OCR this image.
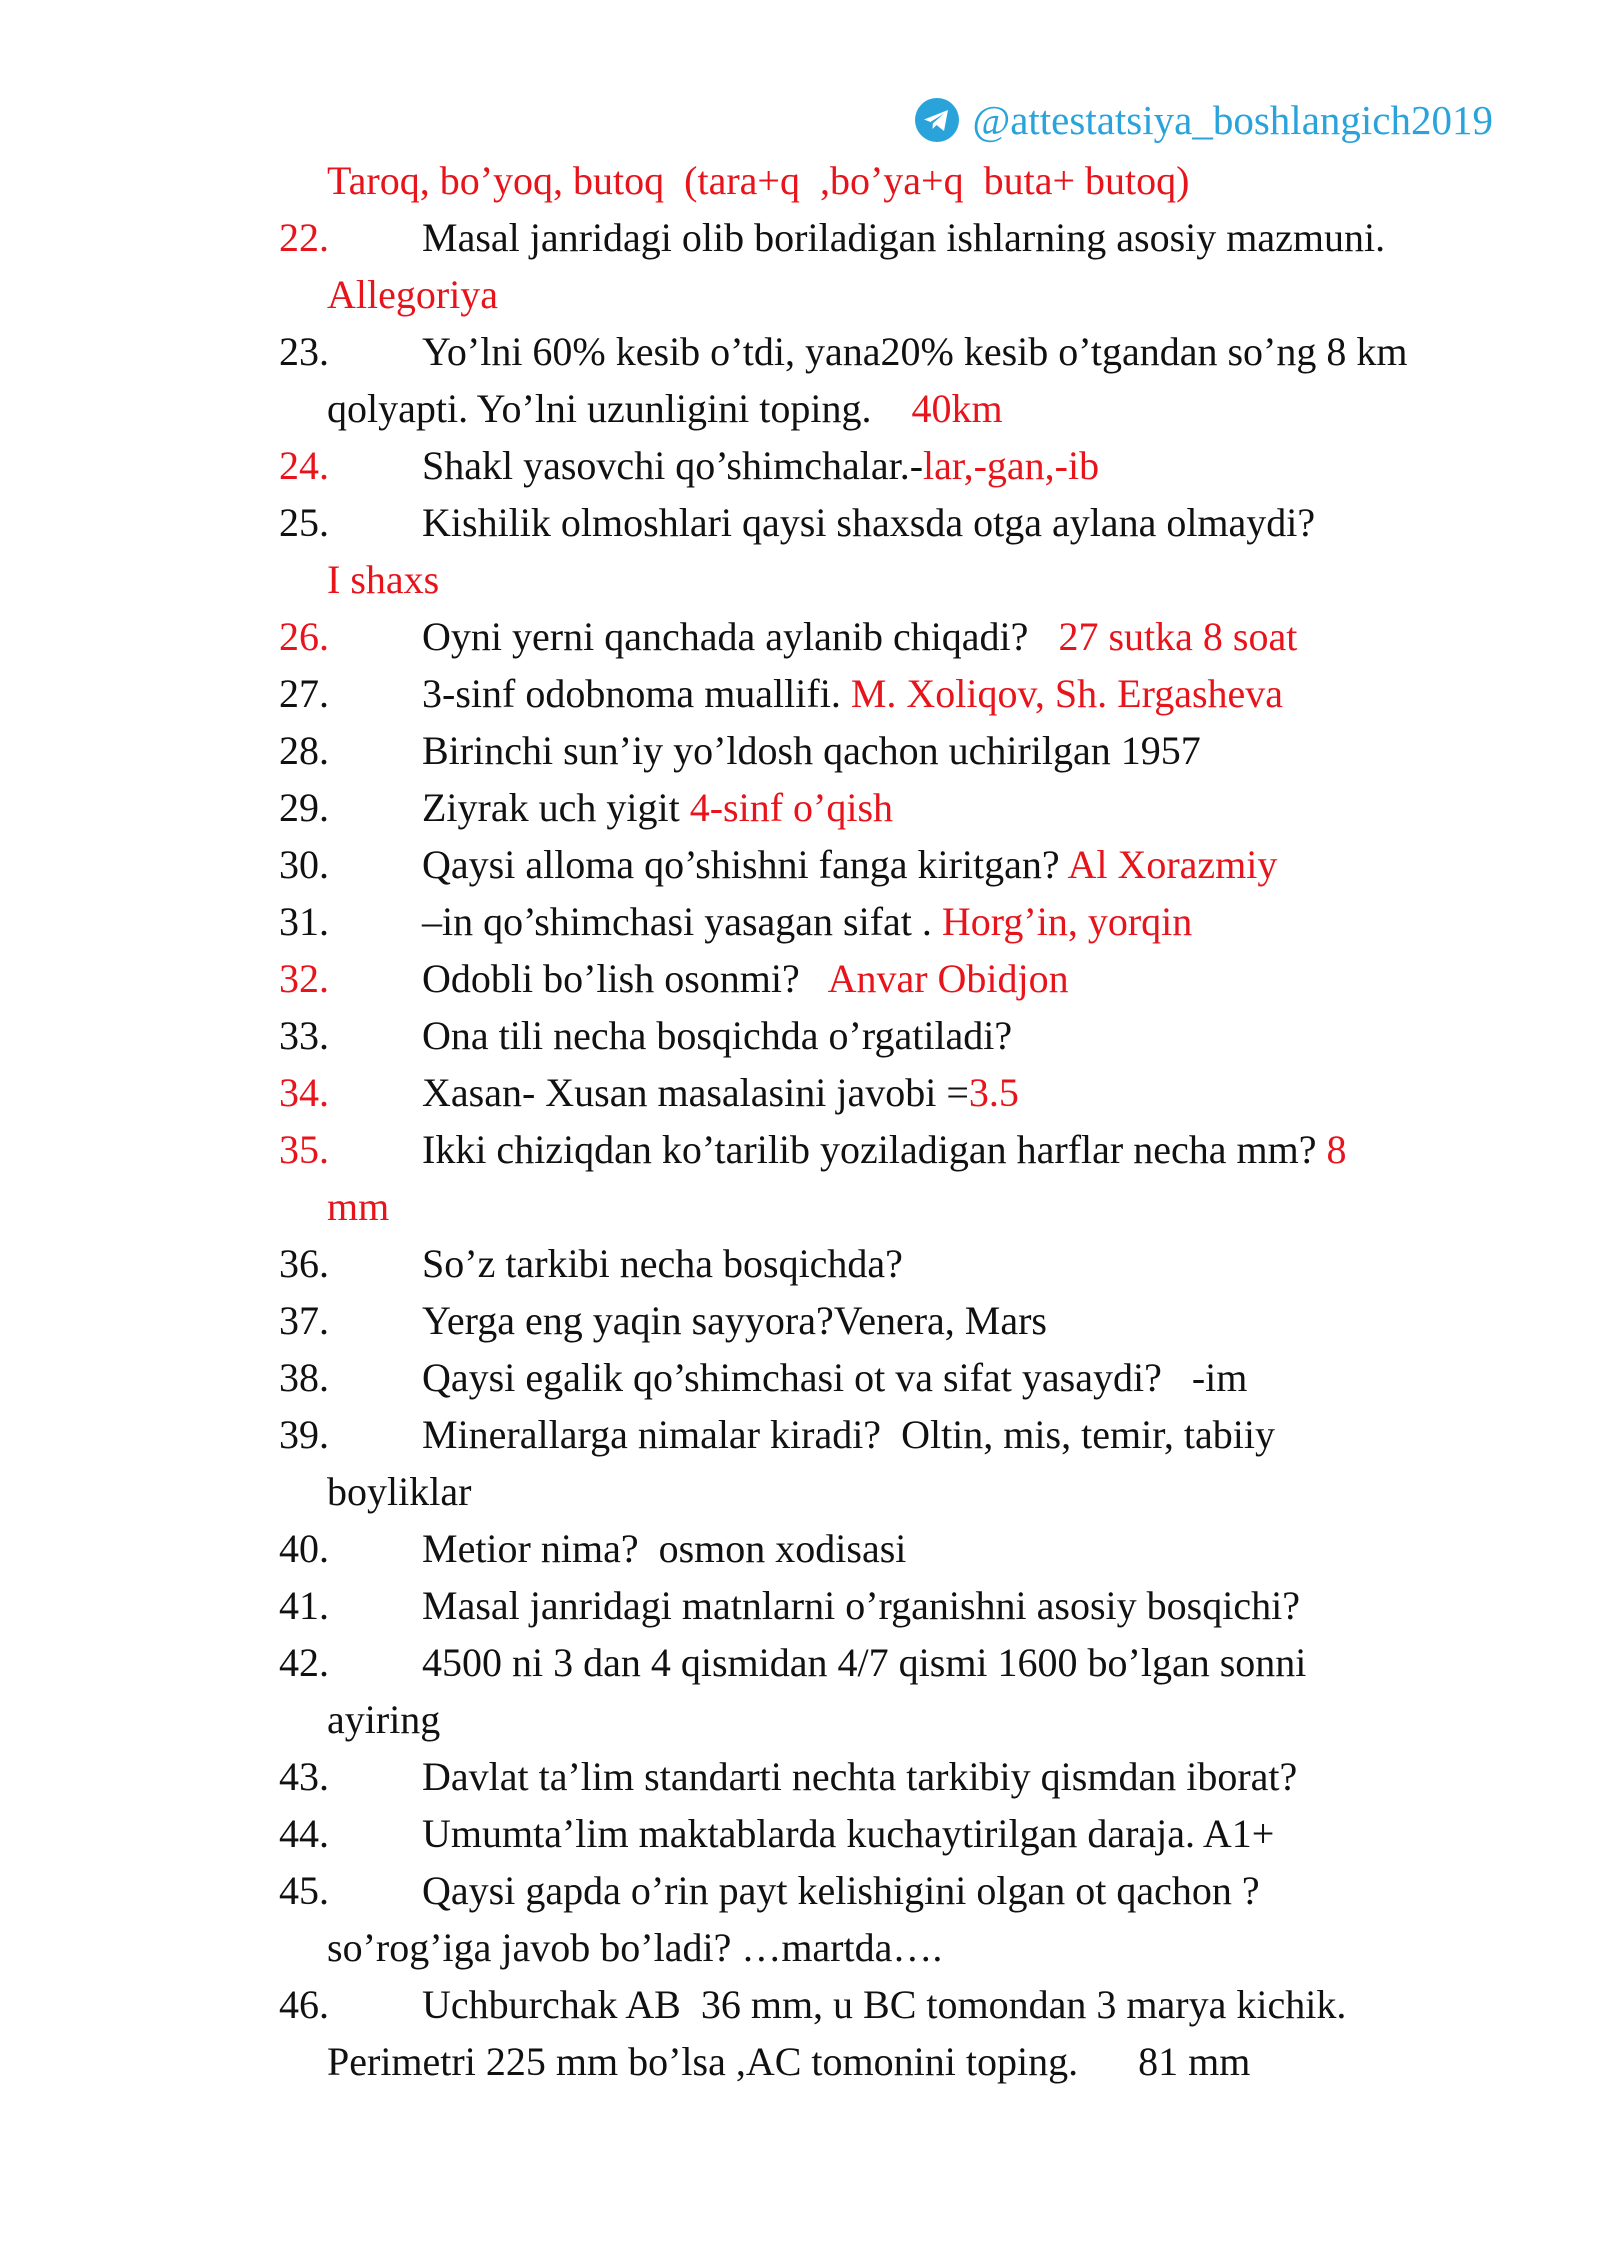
@attestatsiya_boshlangich2019
Taroq, bo’yoq, butoq  (tara+q  ,bo’ya+q  buta+ butoq)
22. Masal janridagi olib boriladigan ishlarning asosiy mazmuni.
Allegoriya
23. Yo’lni 60% kesib o’tdi, yana20% kesib o’tgandan so’ng 8 km
qolyapti. Yo’lni uzunligini toping.    40km
24. Shakl yasovchi qo’shimchalar.-lar,-gan,-ib
25. Kishilik olmoshlari qaysi shaxsda otga aylana olmaydi?
I shaxs
26. Oyni yerni qanchada aylanib chiqadi?   27 sutka 8 soat
27. 3-sinf odobnoma muallifi. M. Xoliqov, Sh. Ergasheva
28. Birinchi sun’iy yo’ldosh qachon uchirilgan 1957
29. Ziyrak uch yigit 4-sinf o’qish
30. Qaysi alloma qo’shishni fanga kiritgan? Al Xorazmiy
31. –in qo’shimchasi yasagan sifat . Horg’in, yorqin
32. Odobli bo’lish osonmi?   Anvar Obidjon
33. Ona tili necha bosqichda o’rgatiladi?
34. Xasan- Xusan masalasini javobi =3.5
35. Ikki chiziqdan ko’tarilib yoziladigan harflar necha mm? 8
mm
36. So’z tarkibi necha bosqichda?
37. Yerga eng yaqin sayyora?Venera, Mars
38. Qaysi egalik qo’shimchasi ot va sifat yasaydi?   -im
39. Minerallarga nimalar kiradi?  Oltin, mis, temir, tabiiy
boyliklar
40. Metior nima?  osmon xodisasi
41. Masal janridagi matnlarni o’rganishni asosiy bosqichi?
42. 4500 ni 3 dan 4 qismidan 4/7 qismi 1600 bo’lgan sonni
ayiring
43. Davlat ta’lim standarti nechta tarkibiy qismdan iborat?
44. Umumta’lim maktablarda kuchaytirilgan daraja. A1+
45. Qaysi gapda o’rin payt kelishigini olgan ot qachon ?
so’rog’iga javob bo’ladi? …martda….
46. Uchburchak AB  36 mm, u BC tomondan 3 marya kichik.
Perimetri 225 mm bo’lsa ,AC tomonini toping.      81 mm
